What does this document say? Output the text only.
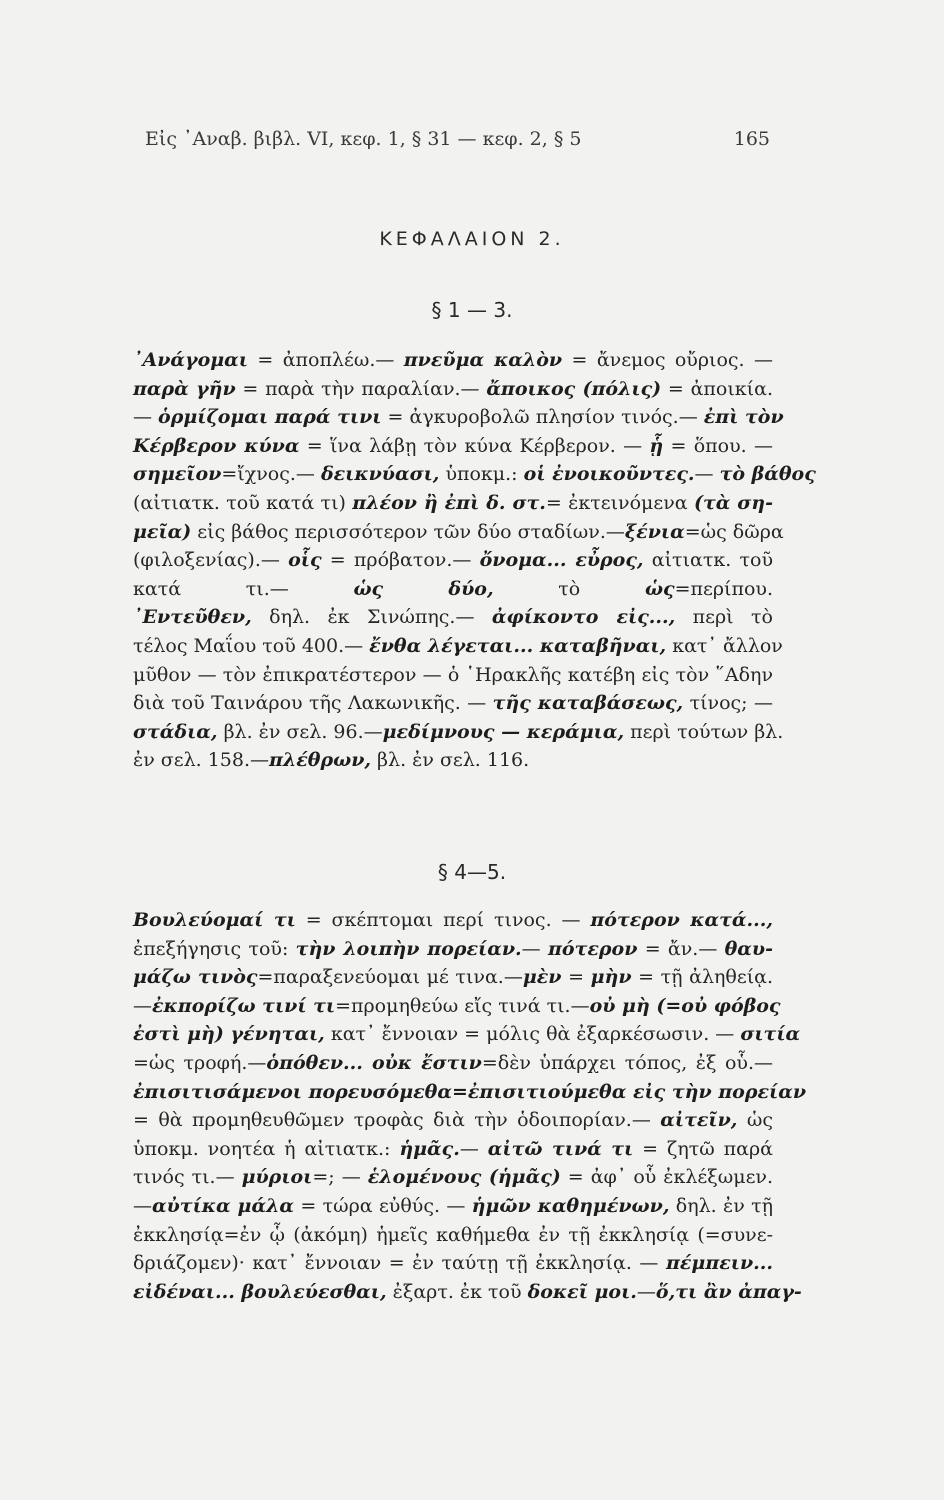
Εἰς ᾽Αναβ. βιβλ. VI, κεφ. 1, § 31 — κεφ. 2, § 5	165
ΚΕΦΑΛΑΙΟΝ 2.
§ 1 — 3.
᾽Ανάγομαι = ἀποπλέω.— πνεῦμα καλὸν = ἄνεμος οὔριος. —
παρὰ γῆν = παρὰ τὴν παραλίαν.— ἄποικος (πόλις) = ἀποικία.
— ὁρμίζομαι παρά τινι = ἀγκυροβολῶ πλησίον τινός.— ἐπὶ τὸν
Κέρβερον κύνα = ἵνα λάβῃ τὸν κύνα Κέρβερον. — ᾗ = ὅπου. —
σημεῖον=ἴχνος.— δεικνύασι, ὑποκμ.: οἱ ἐνοικοῦντες.— τὸ βάθος
(αἰτιατκ. τοῦ κατά τι) πλέον ἢ ἐπὶ δ. στ.= ἐκτεινόμενα (τὰ ση-
μεῖα) εἰς βάθος περισσότερον τῶν δύο σταδίων.—ξένια=ὡς δῶρα
(φιλοξενίας).— οἷς = πρόβατον.— ὄνομα... εὖρος, αἰτιατκ. τοῦ
κατά τι.— ὡς δύο, τὸ ὡς=περίπου.
᾽Εντεῦθεν, δηλ. ἐκ Σινώπης.— ἀφίκοντο εἰς..., περὶ τὸ
τέλος Μαΐου τοῦ 400.— ἔνθα λέγεται... καταβῆναι, κατ᾽ ἄλλον
μῦθον — τὸν ἐπικρατέστερον — ὁ ῾Ηρακλῆς κατέβη εἰς τὸν ῞Αδην
διὰ τοῦ Ταινάρου τῆς Λακωνικῆς. — τῆς καταβάσεως, τίνος; —
στάδια, βλ. ἐν σελ. 96.—μεδίμνους — κεράμια, περὶ τούτων βλ.
ἐν σελ. 158.—πλέθρων, βλ. ἐν σελ. 116.
§ 4—5.
Βουλεύομαί τι = σκέπτομαι περί τινος. — πότερον κατά...,
ἐπεξήγησις τοῦ: τὴν λοιπὴν πορείαν.— πότερον = ἄν.— θαυ-
μάζω τινὸς=παραξενεύομαι μέ τινα.—μὲν = μὴν = τῇ ἀληθείᾳ.
—ἐκπορίζω τινί τι=προμηθεύω εἴς τινά τι.—οὐ μὴ (=οὐ φόβος
ἐστὶ μὴ) γένηται, κατ᾽ ἔννοιαν = μόλις θὰ ἐξαρκέσωσιν. — σιτία
=ὡς τροφή.—ὁπόθεν... οὐκ ἔστιν=δὲν ὑπάρχει τόπος, ἐξ οὗ.—
ἐπισιτισάμενοι πορευσόμεθα=ἐπισιτιούμεθα εἰς τὴν πορείαν
= θὰ προμηθευθῶμεν τροφὰς διὰ τὴν ὁδοιπορίαν.— αἰτεῖν, ὡς
ὑποκμ. νοητέα ἡ αἰτιατκ.: ἡμᾶς.— αἰτῶ τινά τι = ζητῶ παρά
τινός τι.— μύριοι=; — ἑλομένους (ἡμᾶς) = ἀφ᾽ οὗ ἐκλέξωμεν.
—αὐτίκα μάλα = τώρα εὐθύς. — ἡμῶν καθημένων, δηλ. ἐν τῇ
ἐκκλησίᾳ=ἐν ᾧ (ἀκόμη) ἡμεῖς καθήμεθα ἐν τῇ ἐκκλησίᾳ (=συνε-
δριάζομεν)· κατ᾽ ἔννοιαν = ἐν ταύτῃ τῇ ἐκκλησίᾳ. — πέμπειν...
εἰδέναι... βουλεύεσθαι, ἐξαρτ. ἐκ τοῦ δοκεῖ μοι.—ὅ,τι ἂν ἀπαγ-
